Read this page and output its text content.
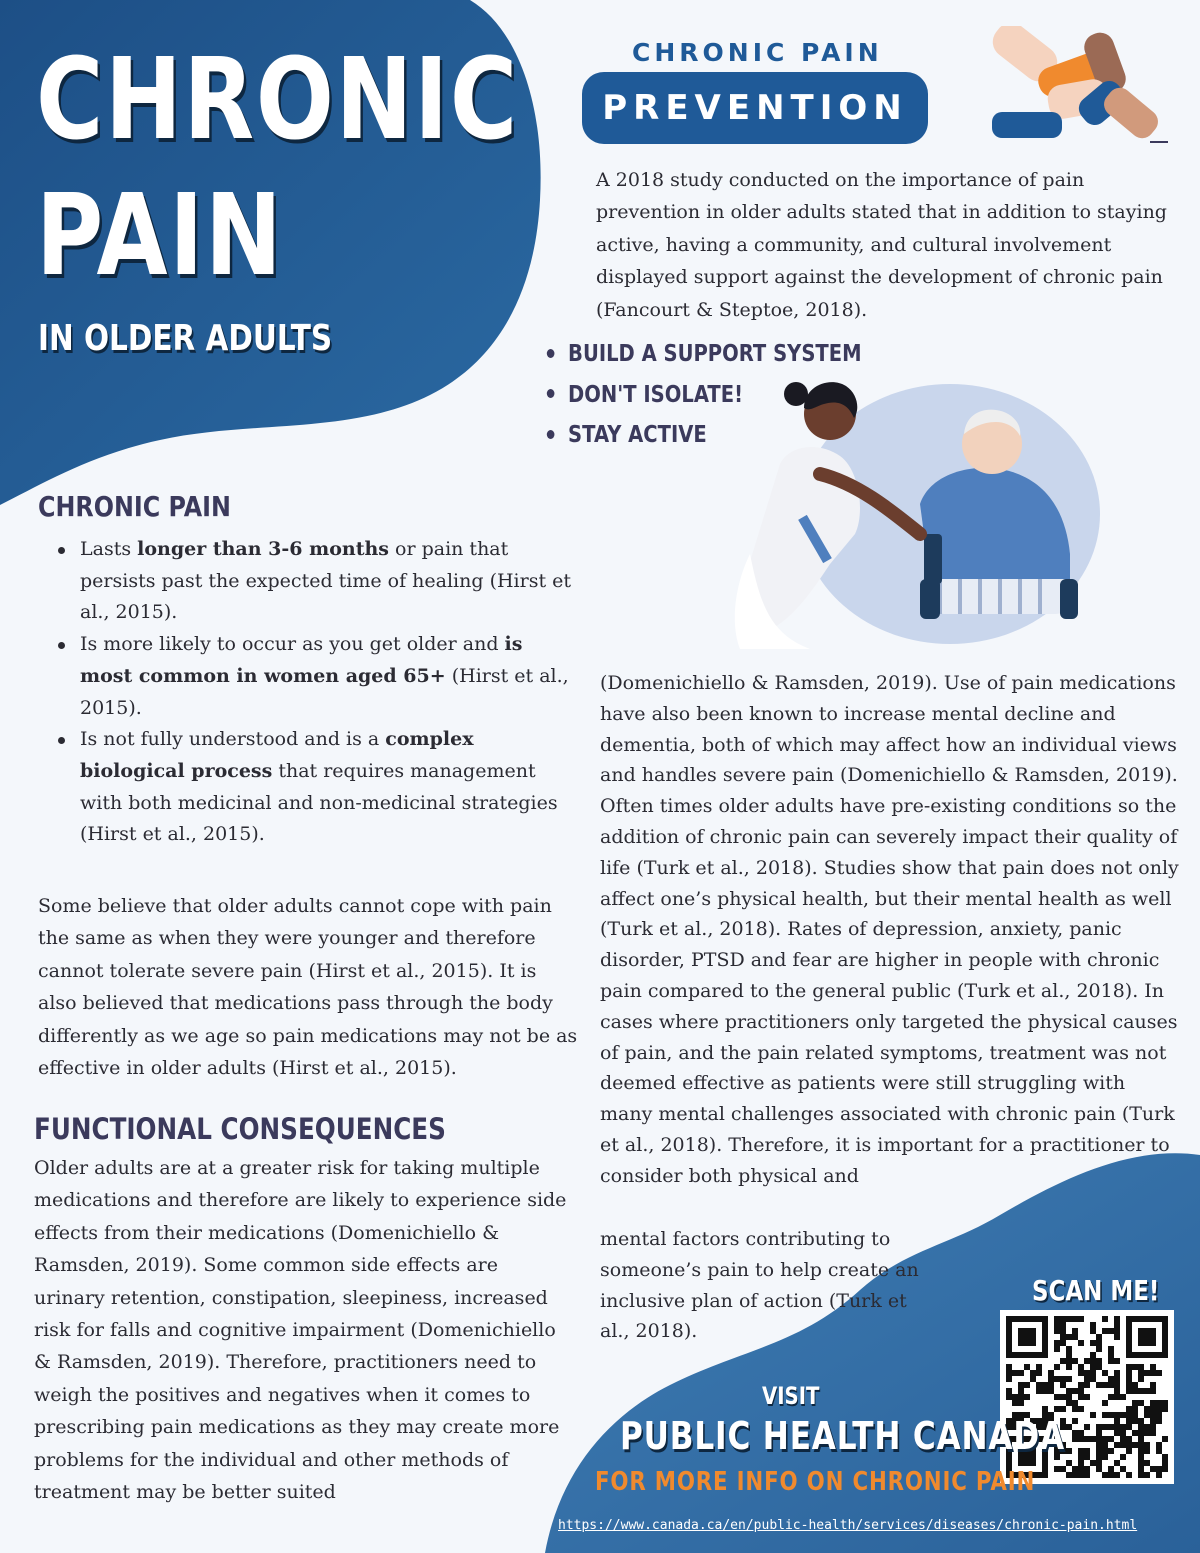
CHRONIC
PAIN
IN OLDER ADULTS
CHRONIC PAIN
PREVENTION
A 2018 study conducted on the importance of pain prevention in older adults stated that in addition to staying active, having a community, and cultural involvement displayed support against the development of chronic pain (Fancourt & Steptoe, 2018).
BUILD A SUPPORT SYSTEM
DON'T ISOLATE!
STAY ACTIVE
CHRONIC PAIN
Lasts longer than 3-6 months or pain that persists past the expected time of healing (Hirst et al., 2015).
Is more likely to occur as you get older and is most common in women aged 65+ (Hirst et al., 2015).
Is not fully understood and is a complex biological process that requires management with both medicinal and non-medicinal strategies (Hirst et al., 2015).
Some believe that older adults cannot cope with pain the same as when they were younger and therefore cannot tolerate severe pain (Hirst et al., 2015). It is also believed that medications pass through the body differently as we age so pain medications may not be as effective in older adults (Hirst et al., 2015).
FUNCTIONAL CONSEQUENCES
Older adults are at a greater risk for taking multiple medications and therefore are likely to experience side effects from their medications (Domenichiello & Ramsden, 2019). Some common side effects are urinary retention, constipation, sleepiness, increased risk for falls and cognitive impairment (Domenichiello & Ramsden, 2019). Therefore, practitioners need to weigh the positives and negatives when it comes to prescribing pain medications as they may create more problems for the individual and other methods of treatment may be better suited
(Domenichiello & Ramsden, 2019). Use of pain medications have also been known to increase mental decline and dementia, both of which may affect how an individual views and handles severe pain (Domenichiello & Ramsden, 2019). Often times older adults have pre-existing conditions so the addition of chronic pain can severely impact their quality of life (Turk et al., 2018). Studies show that pain does not only affect one’s physical health, but their mental health as well (Turk et al., 2018). Rates of depression, anxiety, panic disorder, PTSD and fear are higher in people with chronic pain compared to the general public (Turk et al., 2018). In cases where practitioners only targeted the physical causes of pain, and the pain related symptoms, treatment was not deemed effective as patients were still struggling with many mental challenges associated with chronic pain (Turk et al., 2018). Therefore, it is important for a practitioner to consider both physical and
mental factors contributing to someone’s pain to help create an inclusive plan of action (Turk et al., 2018).
SCAN ME!
VISIT
PUBLIC HEALTH CANADA
FOR MORE INFO ON CHRONIC PAIN
https://www.canada.ca/en/public-health/services/diseases/chronic-pain.html
